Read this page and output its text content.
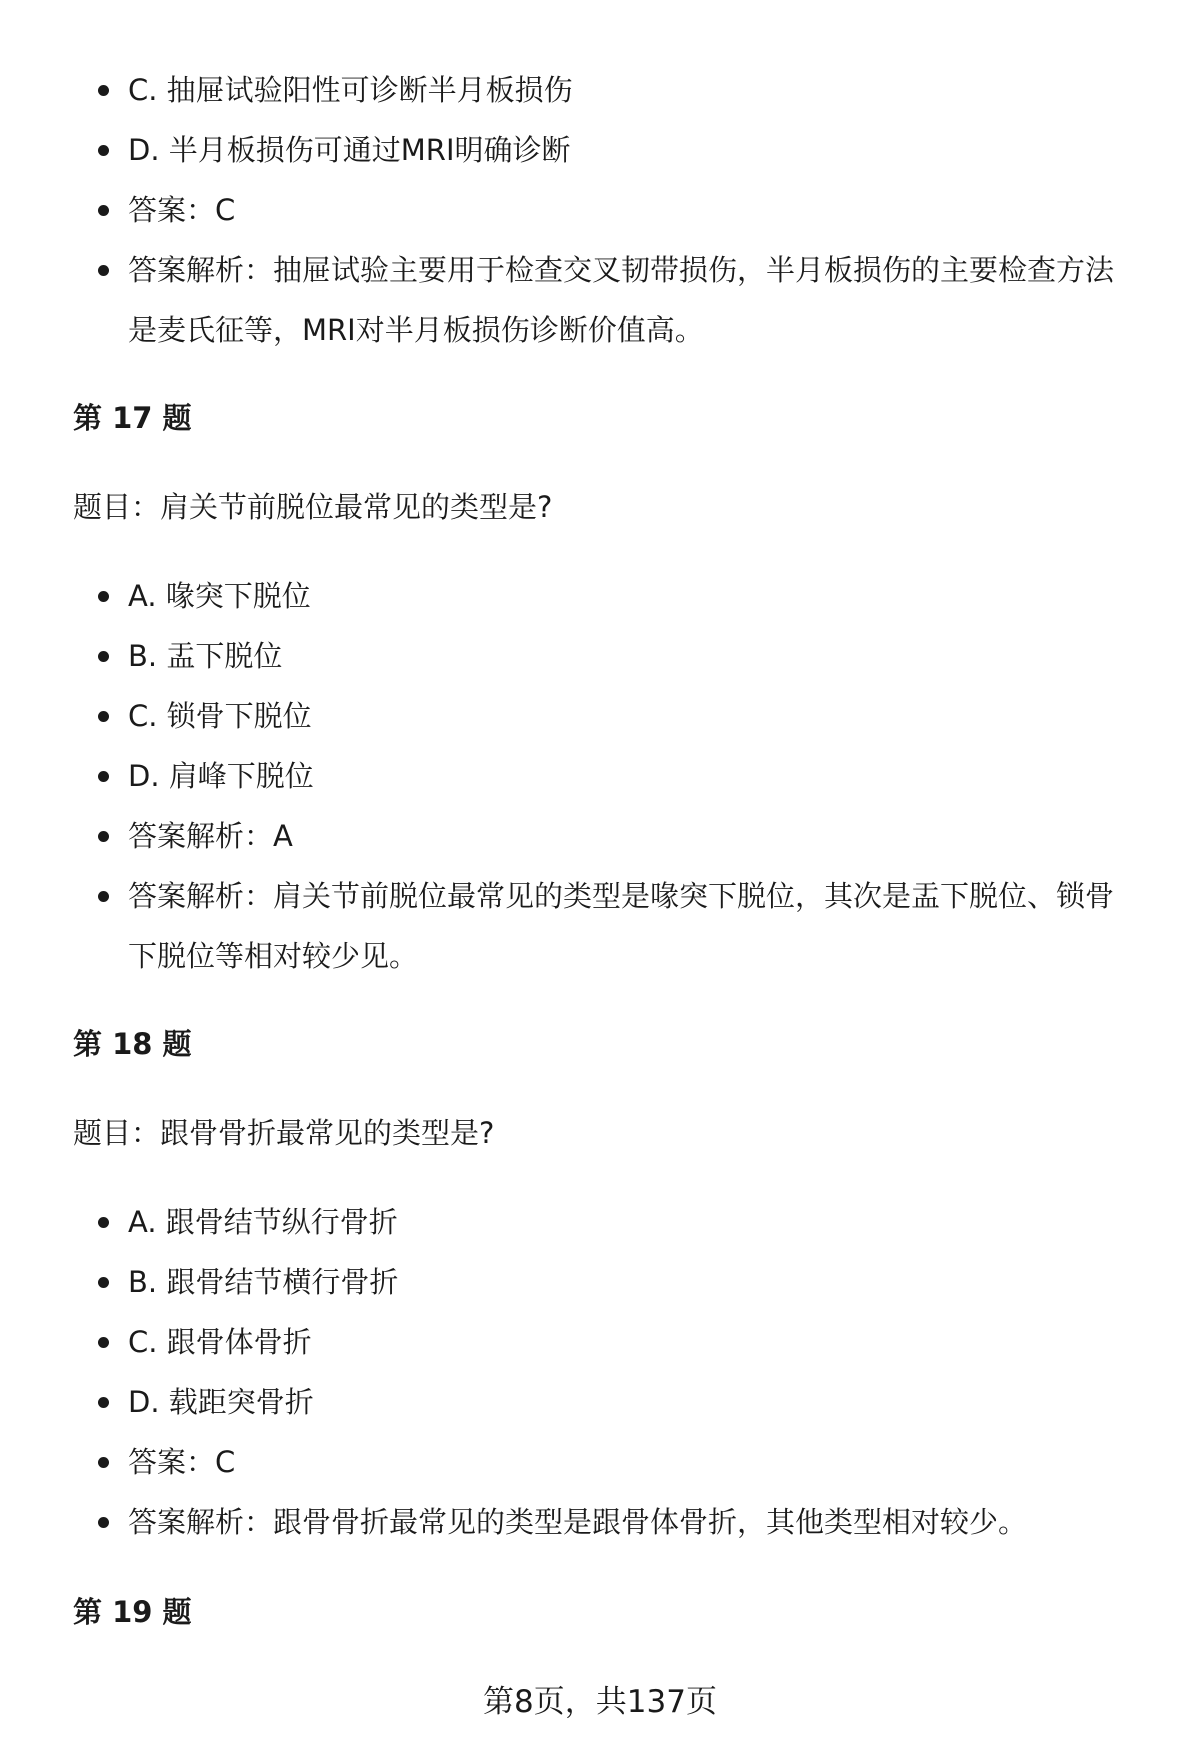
C. 抽屉试验阳性可诊断半月板损伤
D. 半月板损伤可通过MRI明确诊断
答案：C
答案解析：抽屉试验主要用于检查交叉韧带损伤，半月板损伤的主要检查方法是麦氏征等，MRI对半月板损伤诊断价值高。
第 17 题

题目：肩关节前脱位最常见的类型是?

A. 喙突下脱位
B. 盂下脱位
C. 锁骨下脱位
D. 肩峰下脱位
答案解析：A
答案解析：肩关节前脱位最常见的类型是喙突下脱位，其次是盂下脱位、锁骨下脱位等相对较少见。
第 18 题

题目：跟骨骨折最常见的类型是?

A. 跟骨结节纵行骨折
B. 跟骨结节横行骨折
C. 跟骨体骨折
D. 载距突骨折
答案：C
答案解析：跟骨骨折最常见的类型是跟骨体骨折，其他类型相对较少。
第 19 题
第8页，共137页
